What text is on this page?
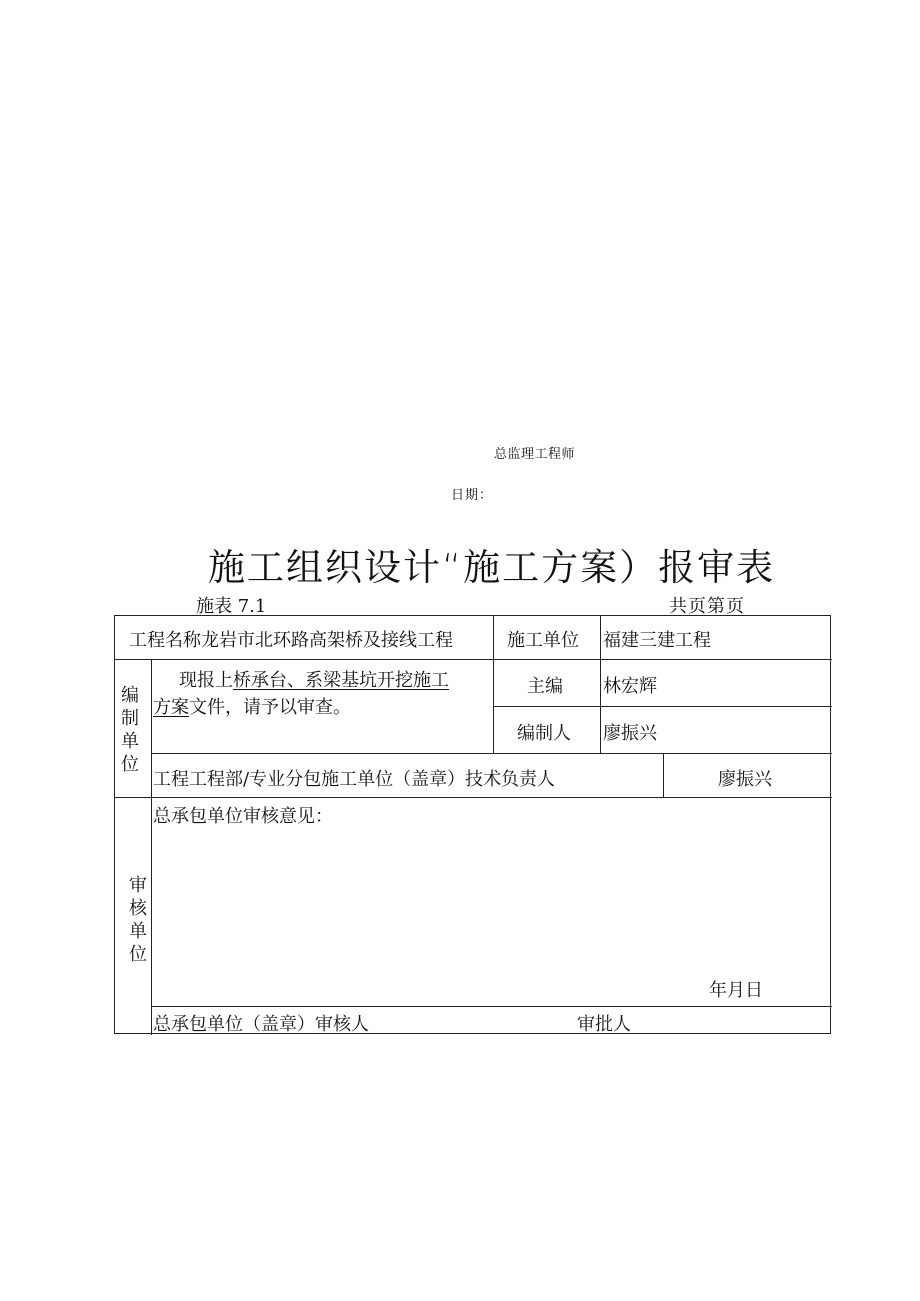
总监理工程师
日期：
施工组织设计“施工方案）报审表
施表 7.1	共页第页
工程名称龙岩市北环路高架桥及接线工程	施工单位 福建三建工程
编制单位
现报上桥承台、系梁基坑开挖施工
方案文件，请予以审查。
主编 林宏辉
编制人 廖振兴
工程工程部/专业分包施工单位（盖章）技术负责人	廖振兴
审核单位
总承包单位审核意见：
年月日
总承包单位（盖章）审核人	审批人
